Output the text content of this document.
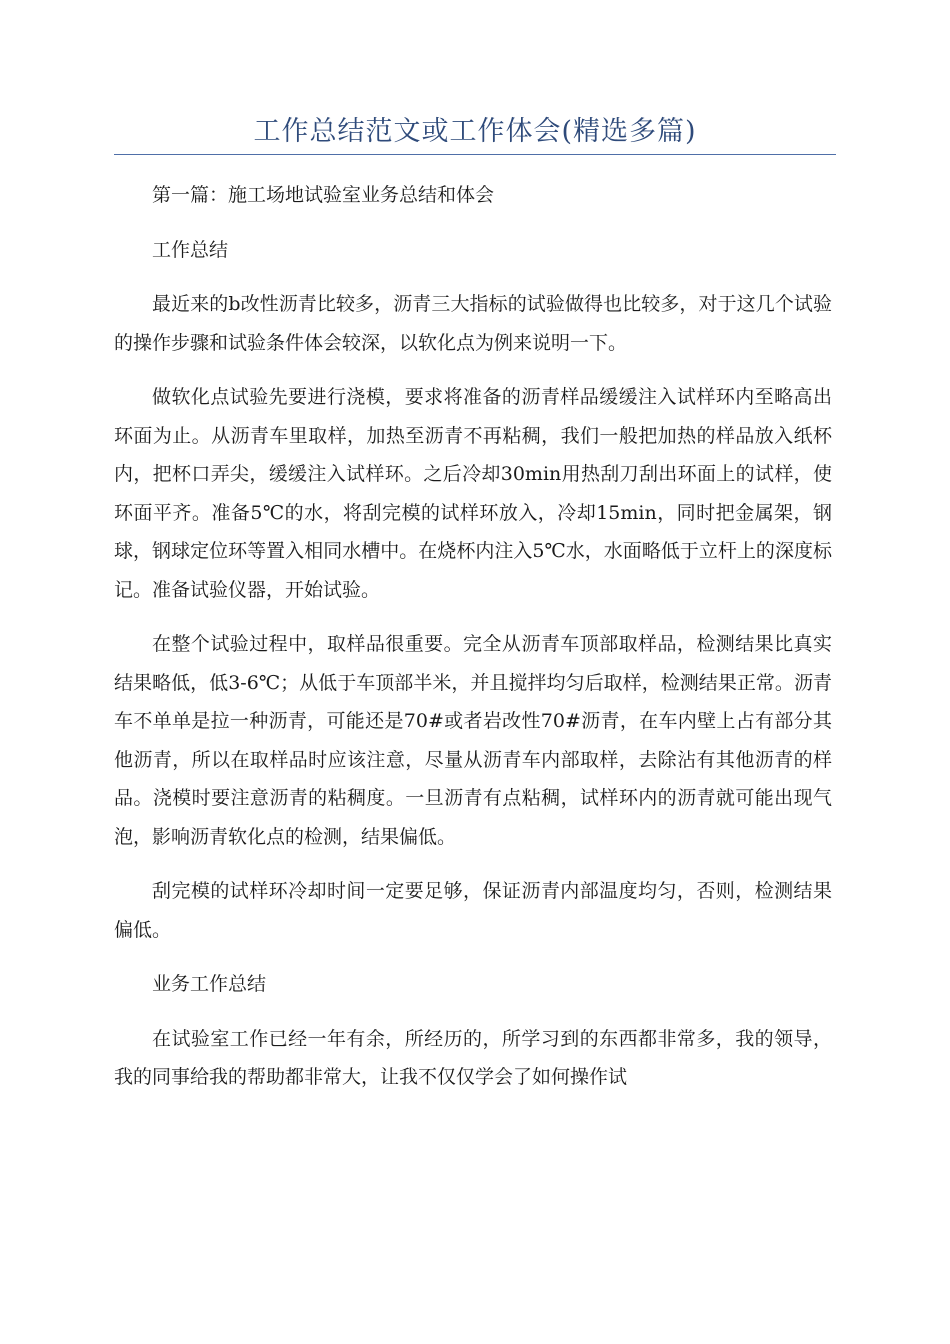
工作总结范文或工作体会(精选多篇)

第一篇：施工场地试验室业务总结和体会

工作总结

最近来的b改性沥青比较多，沥青三大指标的试验做得也比较多，对于这几个试验的操作步骤和试验条件体会较深，以软化点为例来说明一下。

做软化点试验先要进行浇模，要求将准备的沥青样品缓缓注入试样环内至略高出环面为止。从沥青车里取样，加热至沥青不再粘稠，我们一般把加热的样品放入纸杯内，把杯口弄尖，缓缓注入试样环。之后冷却30min用热刮刀刮出环面上的试样，使环面平齐。准备5℃的水，将刮完模的试样环放入，冷却15min，同时把金属架，钢球，钢球定位环等置入相同水槽中。在烧杯内注入5℃水，水面略低于立杆上的深度标记。准备试验仪器，开始试验。

在整个试验过程中，取样品很重要。完全从沥青车顶部取样品，检测结果比真实结果略低，低3-6℃；从低于车顶部半米，并且搅拌均匀后取样，检测结果正常。沥青车不单单是拉一种沥青，可能还是70#或者岩改性70#沥青，在车内壁上占有部分其他沥青，所以在取样品时应该注意，尽量从沥青车内部取样，去除沾有其他沥青的样品。浇模时要注意沥青的粘稠度。一旦沥青有点粘稠，试样环内的沥青就可能出现气泡，影响沥青软化点的检测，结果偏低。

刮完模的试样环冷却时间一定要足够，保证沥青内部温度均匀，否则，检测结果偏低。

业务工作总结

在试验室工作已经一年有余，所经历的，所学习到的东西都非常多，我的领导，我的同事给我的帮助都非常大，让我不仅仅学会了如何操作试
